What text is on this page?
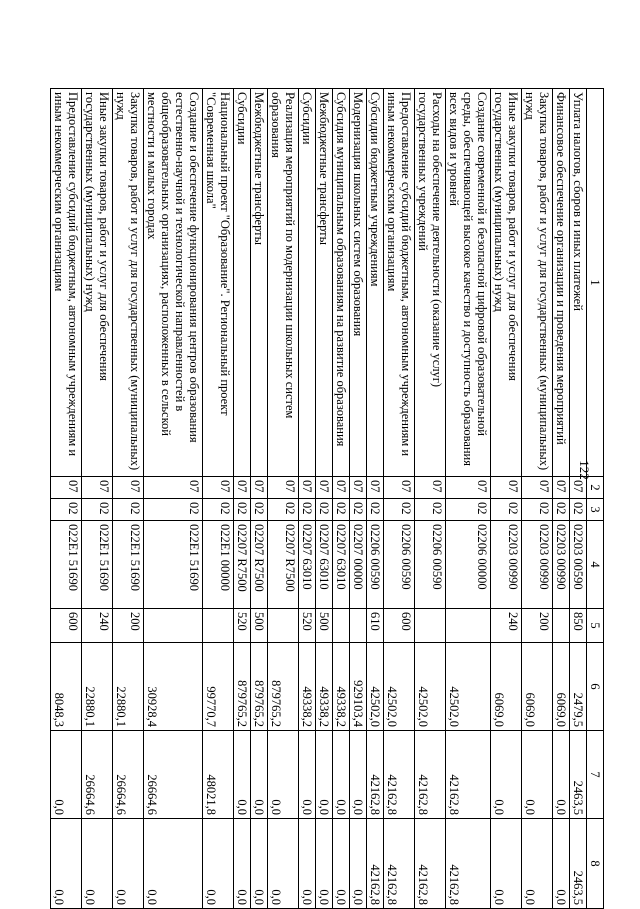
122
1	2	3	4	5	6	7	8
Уплата налогов, сборов и иных платежей	07	02	02203 00590	850	2479,5	2463,5	2463,5
Финансовое обеспечение организации и проведения мероприятий	07	02	02203 00990		6069,0	0,0	0,0
Закупка товаров, работ и услуг для государственных (муниципальных) нужд	07	02	02203 00990	200	6069,0	0,0	0,0
Иные закупки товаров, работ и услуг для обеспечения государственных (муниципальных) нужд	07	02	02203 00990	240	6069,0	0,0	0,0
Создание современной и безопасной цифровой образовательной среды, обеспечивающей высокое качество и доступность образования всех видов и уровней	07	02	02206 00000		42502,0	42162,8	42162,8
Расходы на обеспечение деятельности (оказание услуг) государственных учреждений	07	02	02206 00590		42502,0	42162,8	42162,8
Предоставление субсидий бюджетным, автономным учреждениям и иным некоммерческим организациям	07	02	02206 00590	600	42502,0	42162,8	42162,8
Субсидии бюджетным учреждениям	07	02	02206 00590	610	42502,0	42162,8	42162,8
Модернизация школьных систем образования	07	02	02207 00000		929103,4	0,0	0,0
Субсидия муниципальным образованиям на развитие образования	07	02	02207 63010		49338,2	0,0	0,0
Межбюджетные трансферты	07	02	02207 63010	500	49338,2	0,0	0,0
Субсидии	07	02	02207 63010	520	49338,2	0,0	0,0
Реализация мероприятий по модернизации школьных систем образования	07	02	02207 R7500		879765,2	0,0	0,0
Межбюджетные трансферты	07	02	02207 R7500	500	879765,2	0,0	0,0
Субсидии	07	02	02207 R7500	520	879765,2	0,0	0,0
Национальный проект "Образование". Региональный проект "Современная школа"	07	02	022Е1 00000		99770,7	48021,8	0,0
Создание и обеспечение функционирования центров образования естественно-научной и технологической направленностей в общеобразовательных организациях, расположенных в сельской местности и малых городах	07	02	022Е1 51690		30928,4	26664,6	0,0
Закупка товаров, работ и услуг для государственных (муниципальных) нужд	07	02	022Е1 51690	200	22880,1	26664,6	0,0
Иные закупки товаров, работ и услуг для обеспечения государственных (муниципальных) нужд	07	02	022Е1 51690	240	22880,1	26664,6	0,0
Предоставление субсидий бюджетным, автономным учреждениям и иным некоммерческим организациям	07	02	022Е1 51690	600	8048,3	0,0	0,0
